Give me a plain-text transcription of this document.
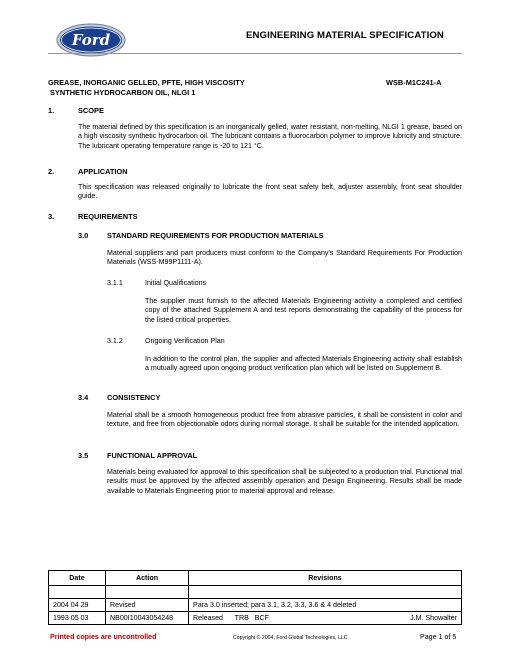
Ford	ENGINEERING MATERIAL SPECIFICATION
GREASE, INORGANIC GELLED, PFTE, HIGH VISCOSITY
SYNTHETIC HYDROCARBON OIL, NLGI 1
WSB-M1C241-A
1.	SCOPE
The material defined by this specification is an inorganically gelled, water resistant, non-melting, NLGI 1 grease, based on a high viscosity synthetic hydrocarbon oil. The lubricant contains a fluorocarbon polymer to improve lubricity and structure. The lubricant operating temperature range is -20 to 121 °C.
2.	APPLICATION
This specification was released originally to lubricate the front seat safety belt, adjuster assembly, front seat shoulder guide.
3.	REQUIREMENTS
3.0	STANDARD REQUIREMENTS FOR PRODUCTION MATERIALS
Material suppliers and part producers must conform to the Company's Standard Requirements For Production Materials (WSS-M99P1111-A).
3.1.1	Initial Qualifications
The supplier must furnish to the affected Materials Engineering activity a completed and certified copy of the attached Supplement A and test reports demonstrating the capability of the process for the listed critical properties.
3.1.2	Ongoing Verification Plan
In addition to the control plan, the supplier and affected Materials Engineering activity shall establish a mutually agreed upon ongoing product verification plan which will be listed on Supplement B.
3.4	CONSISTENCY
Material shall be a smooth homogeneous product free from abrasive particles, it shall be consistent in color and texture, and free from objectionable odors during normal storage. It shall be suitable for the intended application.
3.5	FUNCTIONAL APPROVAL
Materials being evaluated for approval to this specification shall be subjected to a production trial. Functional trial results must be approved by the affected assembly operation and Design Engineering. Results shall be made available to Materials Engineering prior to material approval and release.
Date	Action	Revisions

2004 04 29	Revised	Para 3.0 inserted; para 3.1, 3.2, 3.3, 3.6 & 4 deleted
1993 05 03	NB00I10043054248	Released      TRB   BCF J.M. Showalter
Printed copies are uncontrolled	Copyright © 2004, Ford Global Technologies, LLC	Page 1 of 5
